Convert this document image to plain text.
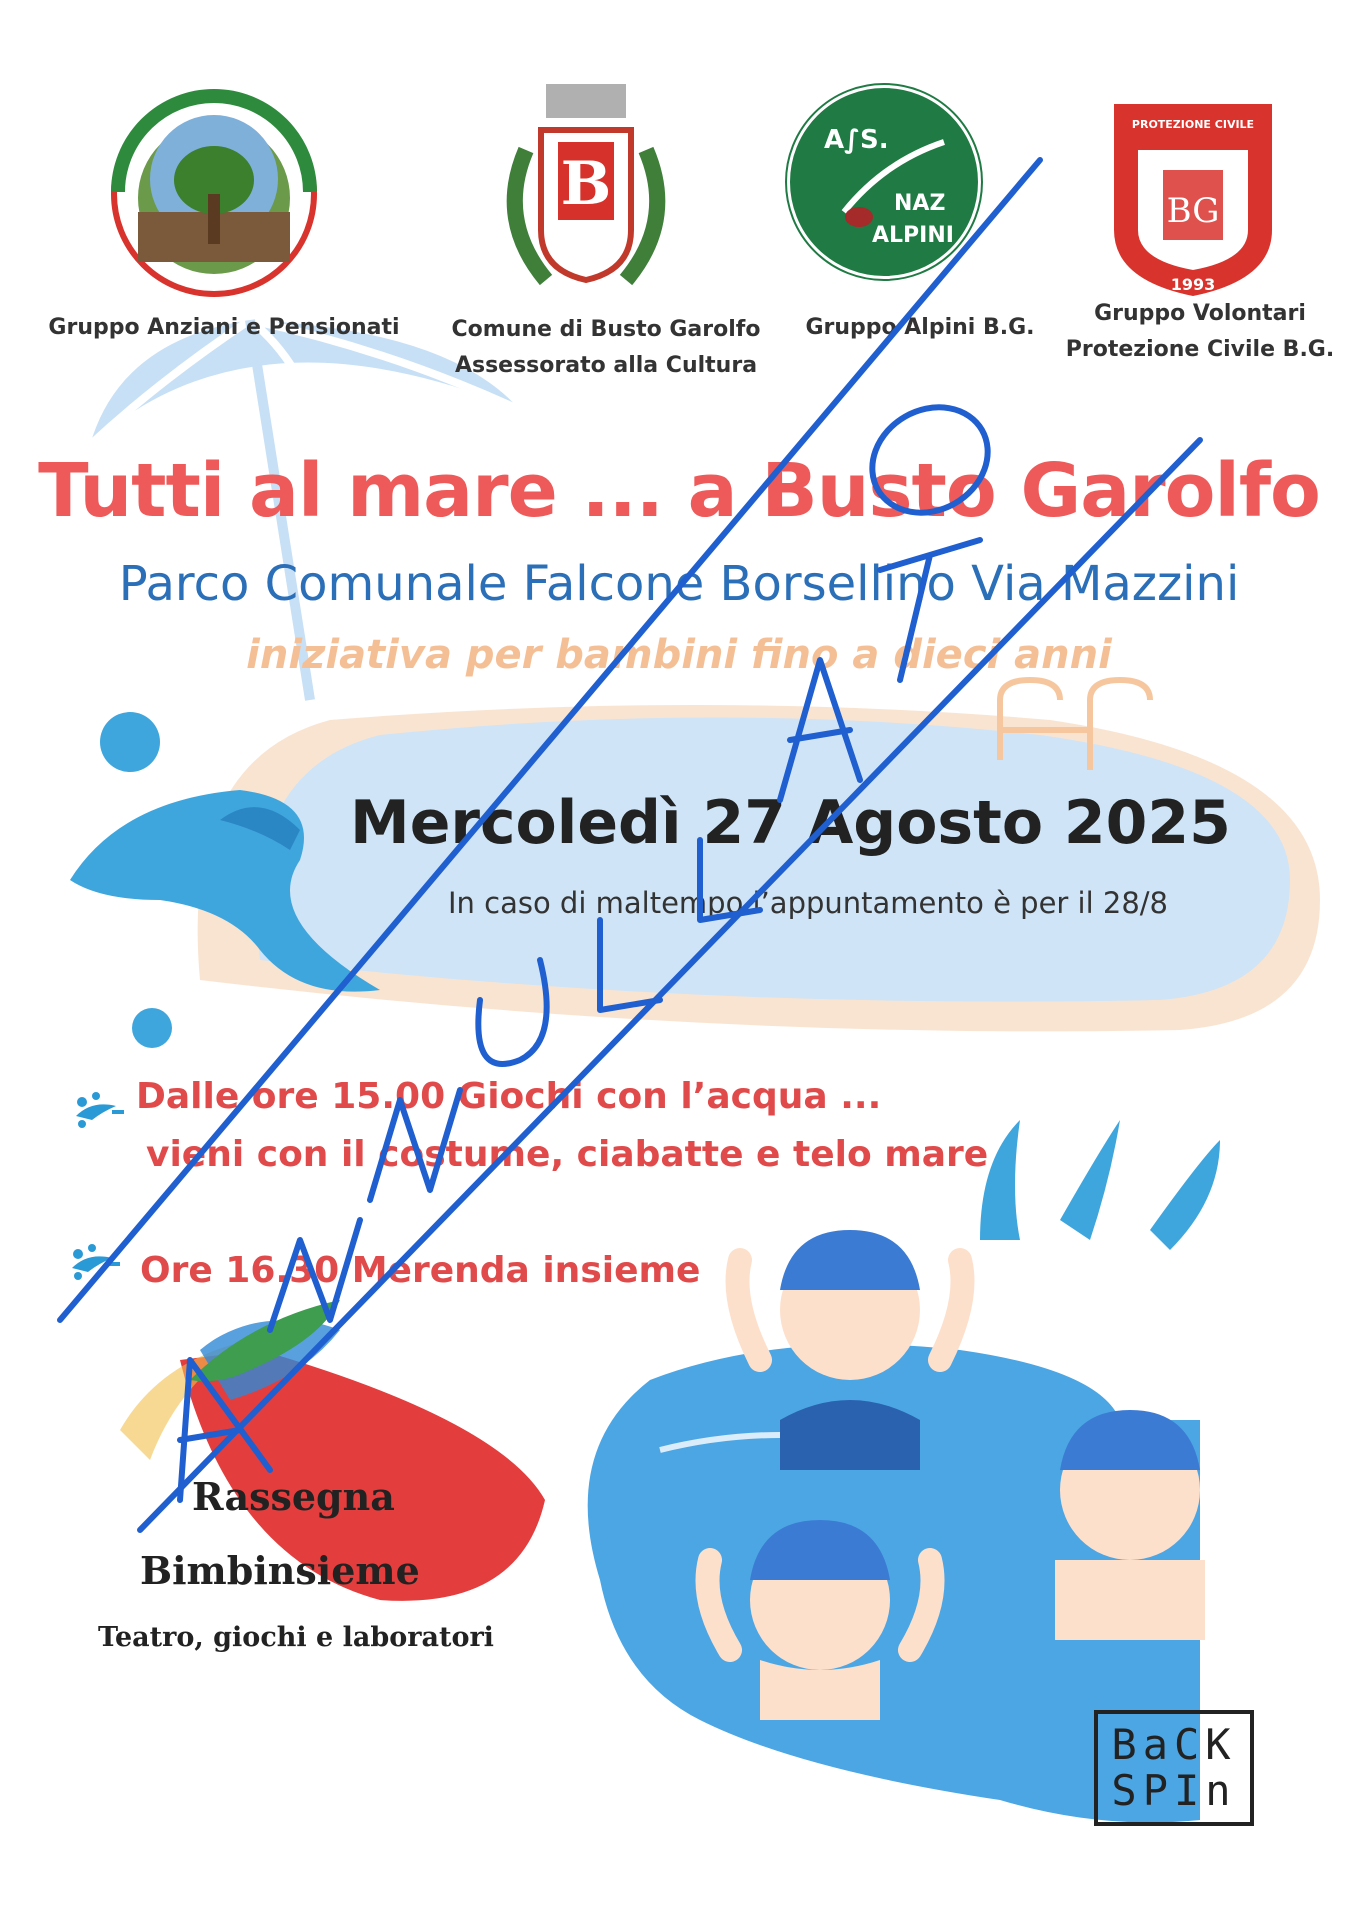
B
A∫S.
NAZ
ALPINI
BG
PROTEZIONE CIVILE
1993
Gruppo Anziani e Pensionati	Comune di Busto Garolfo
Assessorato alla Cultura
Gruppo Alpini B.G.
Gruppo Volontari
Protezione Civile B.G.
Tutti al mare ... a Busto Garolfo
Parco Comunale Falcone Borsellino Via Mazzini
iniziativa per bambini fino a dieci anni
Mercoledì 27 Agosto 2025
In caso di maltempo l’appuntamento è per il 28/8
Dalle ore 15.00 Giochi con l’acqua ...
vieni con il costume, ciabatte e telo mare
Ore 16.30 Merenda insieme
Rassegna
Bimbinsieme
Teatro, giochi e laboratori
BaCK
SPIn
